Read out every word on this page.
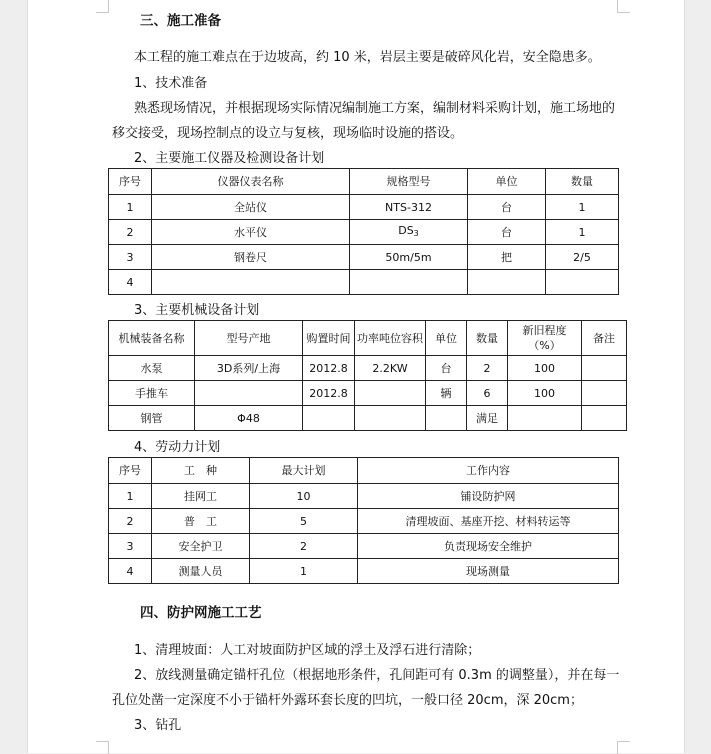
三、施工准备
本工程的施工难点在于边坡高，约 10 米，岩层主要是破碎风化岩，安全隐患多。
1、技术准备
熟悉现场情况，并根据现场实际情况编制施工方案，编制材料采购计划，施工场地的
移交接受，现场控制点的设立与复核，现场临时设施的搭设。
2、主要施工仪器及检测设备计划
序号	仪器仪表名称	规格型号	单位	数量
1	全站仪	NTS-312	台	1
2	水平仪	$DS_3$	台	1
3	钢卷尺	50m/5m	把	2/5
4				
3、主要机械设备计划
机械装备名称	型号产地	购置时间	功率吨位容积	单位	数量	新旧程度（%）	备注
水泵	3D系列/上海	2012.8	2.2KW	台	2	100	
手推车		2012.8		辆	6	100	
钢管	Φ48				满足		
4、劳动力计划
序号	工　种	最大计划	工作内容
1	挂网工	10	铺设防护网
2	普　工	5	清理坡面、基座开挖、材料转运等
3	安全护卫	2	负责现场安全维护
4	测量人员	1	现场测量
四、防护网施工工艺
1、清理坡面：人工对坡面防护区域的浮土及浮石进行清除；
2、放线测量确定锚杆孔位（根据地形条件，孔间距可有 0.3m 的调整量），并在每一
孔位处凿一定深度不小于锚杆外露环套长度的凹坑，一般口径 20cm，深 20cm；
3、钻孔
